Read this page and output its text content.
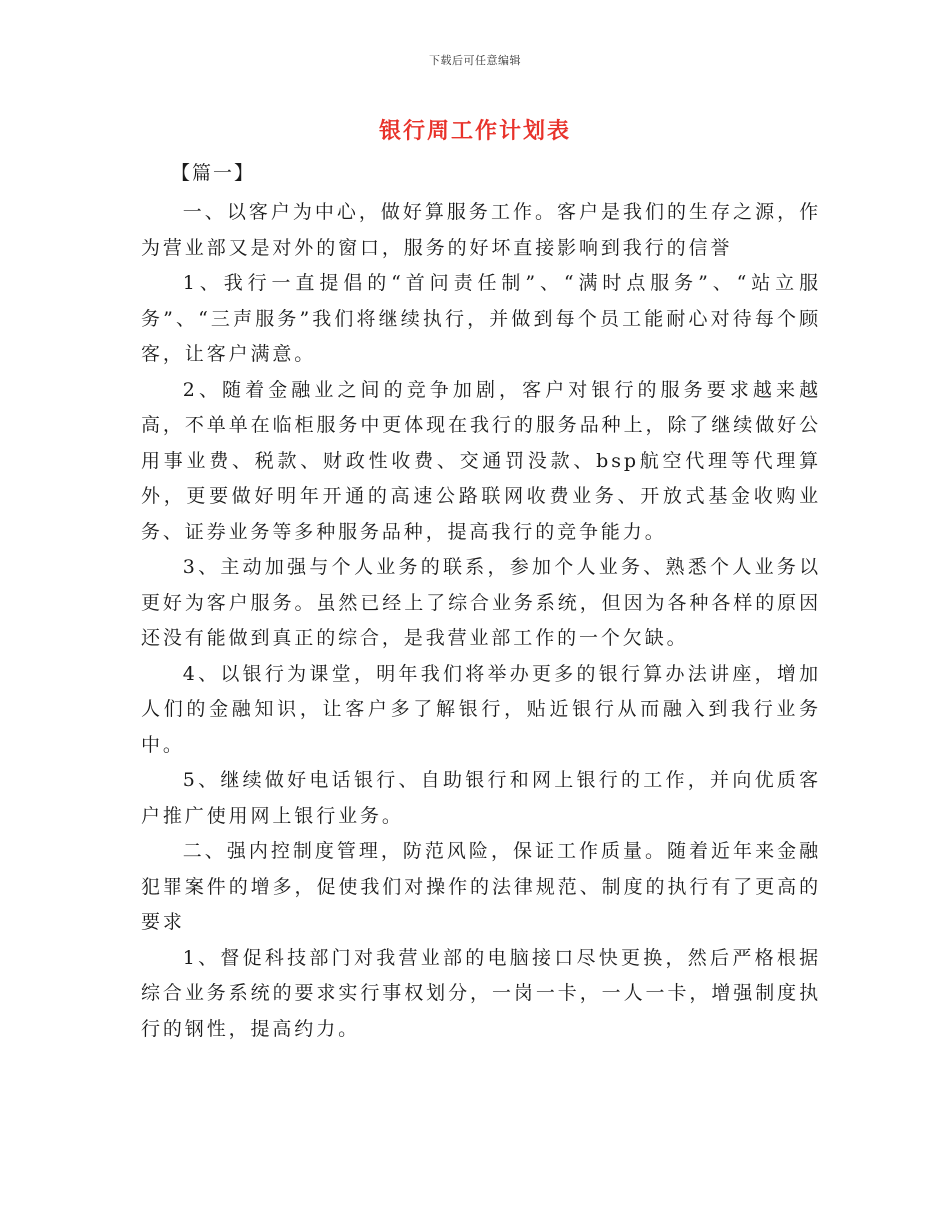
下载后可任意编辑
银行周工作计划表
【篇一】

一、以客户为中心，做好算服务工作。客户是我们的生存之源，作为营业部又是对外的窗口，服务的好坏直接影响到我行的信誉

1、我行一直提倡的“首问责任制”、“满时点服务”、“站立服务”、“三声服务”我们将继续执行，并做到每个员工能耐心对待每个顾客，让客户满意。

2、随着金融业之间的竞争加剧，客户对银行的服务要求越来越高，不单单在临柜服务中更体现在我行的服务品种上，除了继续做好公用事业费、税款、财政性收费、交通罚没款、bsp航空代理等代理算外，更要做好明年开通的高速公路联网收费业务、开放式基金收购业务、证券业务等多种服务品种，提高我行的竞争能力。

3、主动加强与个人业务的联系，参加个人业务、熟悉个人业务以更好为客户服务。虽然已经上了综合业务系统，但因为各种各样的原因还没有能做到真正的综合，是我营业部工作的一个欠缺。

4、以银行为课堂，明年我们将举办更多的银行算办法讲座，增加人们的金融知识，让客户多了解银行，贴近银行从而融入到我行业务中。

5、继续做好电话银行、自助银行和网上银行的工作，并向优质客户推广使用网上银行业务。

二、强内控制度管理，防范风险，保证工作质量。随着近年来金融犯罪案件的增多，促使我们对操作的法律规范、制度的执行有了更高的要求

1、督促科技部门对我营业部的电脑接口尽快更换，然后严格根据综合业务系统的要求实行事权划分，一岗一卡，一人一卡，增强制度执行的钢性，提高约力。
